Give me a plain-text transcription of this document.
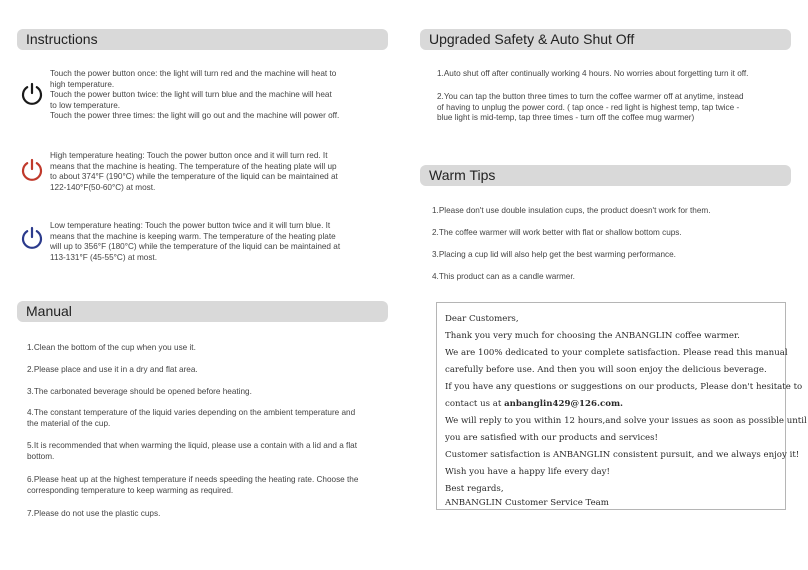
Instructions
Manual
Upgraded Safety & Auto Shut Off
Warm Tips
Touch the power button once: the light will turn red and the machine will heat to
high temperature.
Touch the power button twice: the light will turn blue and the machine will heat
to low temperature.
Touch the power three times: the light will go out and the machine will power off.
High temperature heating: Touch the power button once and it will turn red. It
means that the machine is heating. The temperature of the heating plate will up
to about 374°F (190°C) while the temperature of the liquid can be maintained at
122-140°F(50-60°C) at most.
Low temperature heating: Touch the power button twice and it will turn blue. It
means that the machine is keeping warm. The temperature of the heating plate
will up to 356°F (180°C) while the temperature of the liquid can be maintained at
113-131°F (45-55°C) at most.
1.Clean the bottom of the cup when you use it.
2.Please place and use it in a dry and flat area.
3.The carbonated beverage should be opened before heating.
4.The constant temperature of the liquid varies depending on the ambient temperature and
the material of the cup.
5.It is recommended that when warming the liquid, please use a contain with a lid and a flat
bottom.
6.Please heat up at the highest temperature if needs speeding the heating rate. Choose the
corresponding temperature to keep warming as required.
7.Please do not use the plastic cups.
1.Auto shut off after continually working 4 hours. No worries about forgetting turn it off.
2.You can tap the button three times to turn the coffee warmer off at anytime, instead
of having to unplug the power cord. ( tap once - red light is highest temp, tap twice -
blue light is mid-temp, tap three times - turn off the coffee mug warmer)
1.Please don't use double insulation cups, the product doesn't work for them.
2.The coffee warmer will work better with flat or shallow bottom cups.
3.Placing a cup lid will also help get the best warming performance.
4.This product can as a candle warmer.
Dear Customers,
Thank you very much for choosing the ANBANGLIN coffee warmer.
We are 100% dedicated to your complete satisfaction. Please read this manual
carefully before use. And then you will soon enjoy the delicious beverage.
If you have any questions or suggestions on our products, Please don't hesitate to
contact us at anbanglin429@126.com.
We will reply to you within 12 hours,and solve your issues as soon as possible until
you are satisfied with our products and services!
Customer satisfaction is ANBANGLIN consistent pursuit, and we always enjoy it!
Wish you have a happy life every day!
Best regards,
ANBANGLIN Customer Service Team
